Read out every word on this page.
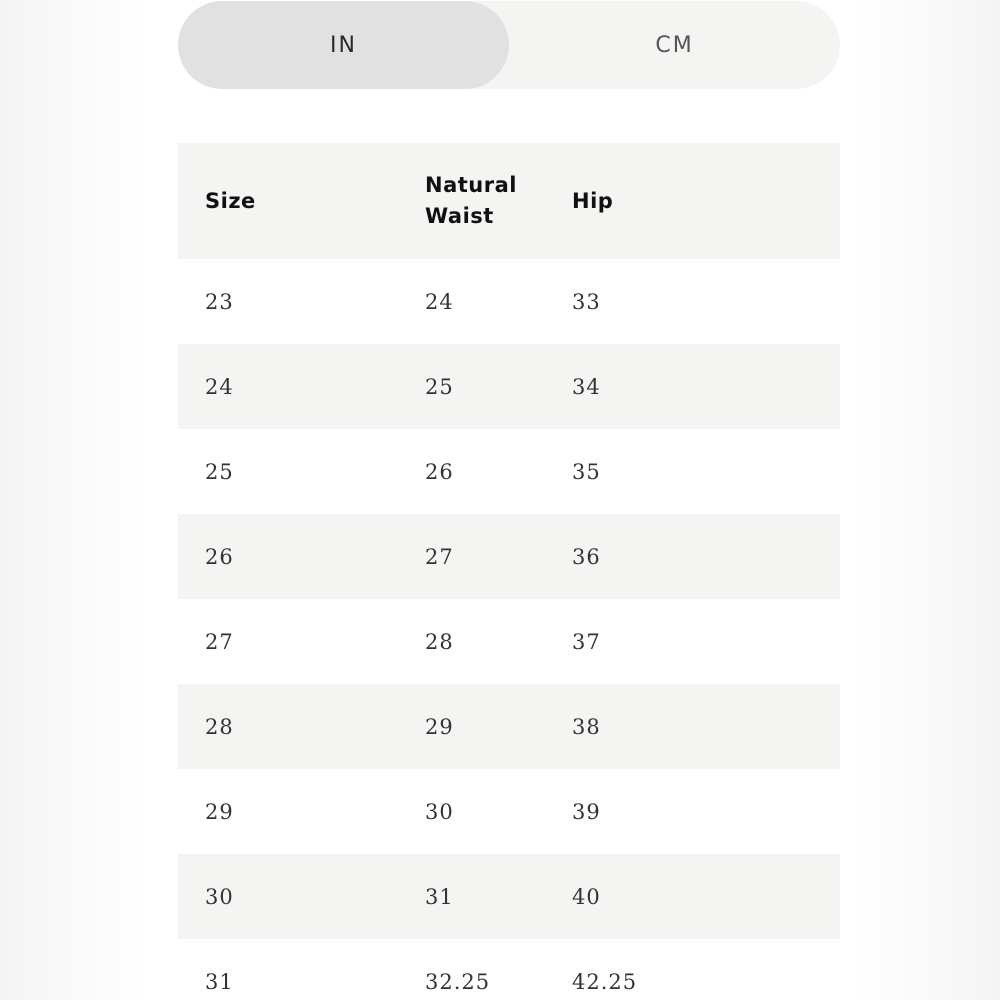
IN	CM
Size	Natural Waist	Hip
23	24	33
24	25	34
25	26	35
26	27	36
27	28	37
28	29	38
29	30	39
30	31	40
31	32.25	42.25
